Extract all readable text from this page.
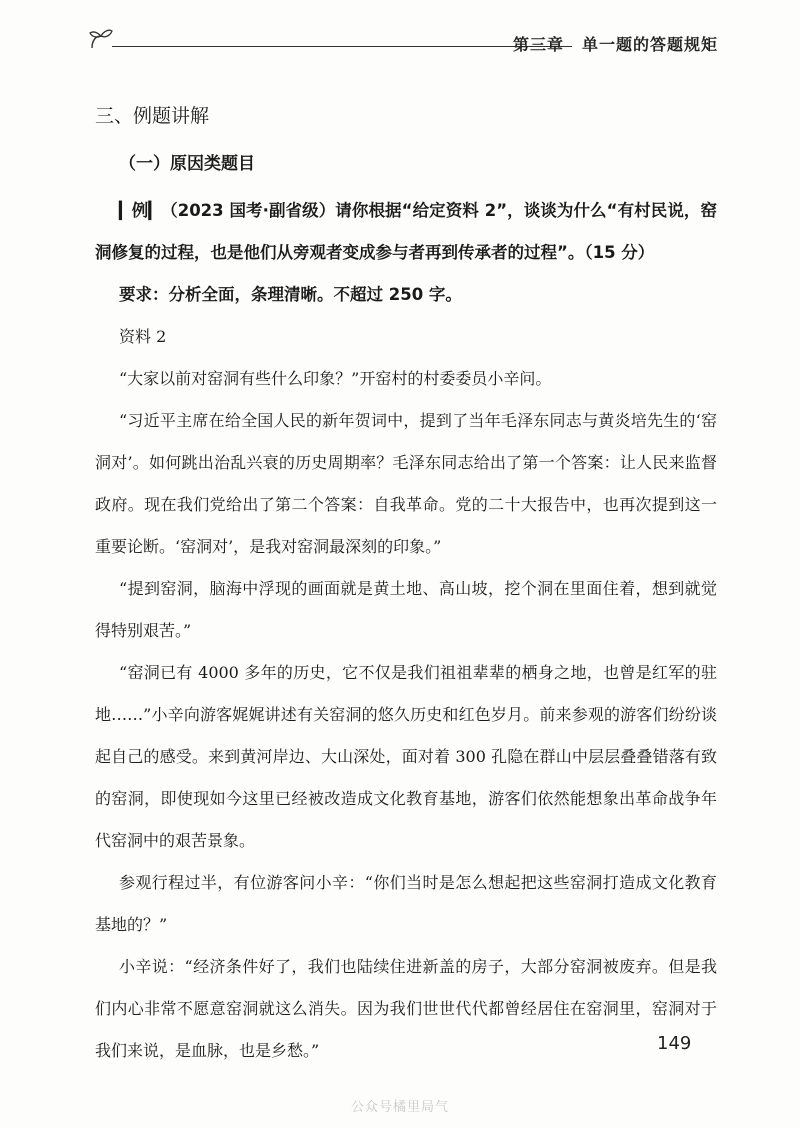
第三章 单一题的答题规矩
三、例题讲解
（一）原因类题目

▎例▎（2023 国考·副省级）请你根据“给定资料 2”，谈谈为什么“有村民说，窑洞修复的过程，也是他们从旁观者变成参与者再到传承者的过程”。（15 分）

要求：分析全面，条理清晰。不超过 250 字。

资料 2

“大家以前对窑洞有些什么印象？”开窑村的村委委员小辛问。

“习近平主席在给全国人民的新年贺词中，提到了当年毛泽东同志与黄炎培先生的‘窑洞对’。如何跳出治乱兴衰的历史周期率？毛泽东同志给出了第一个答案：让人民来监督政府。现在我们党给出了第二个答案：自我革命。党的二十大报告中，也再次提到这一重要论断。‘窑洞对’，是我对窑洞最深刻的印象。”

“提到窑洞，脑海中浮现的画面就是黄土地、高山坡，挖个洞在里面住着，想到就觉得特别艰苦。”

“窑洞已有 4000 多年的历史，它不仅是我们祖祖辈辈的栖身之地，也曾是红军的驻地……”小辛向游客娓娓讲述有关窑洞的悠久历史和红色岁月。前来参观的游客们纷纷谈起自己的感受。来到黄河岸边、大山深处，面对着 300 孔隐在群山中层层叠叠错落有致的窑洞，即使现如今这里已经被改造成文化教育基地，游客们依然能想象出革命战争年代窑洞中的艰苦景象。

参观行程过半，有位游客问小辛：“你们当时是怎么想起把这些窑洞打造成文化教育基地的？”

小辛说：“经济条件好了，我们也陆续住进新盖的房子，大部分窑洞被废弃。但是我们内心非常不愿意窑洞就这么消失。因为我们世世代代都曾经居住在窑洞里，窑洞对于我们来说，是血脉，也是乡愁。”	149
公众号橘里局气
